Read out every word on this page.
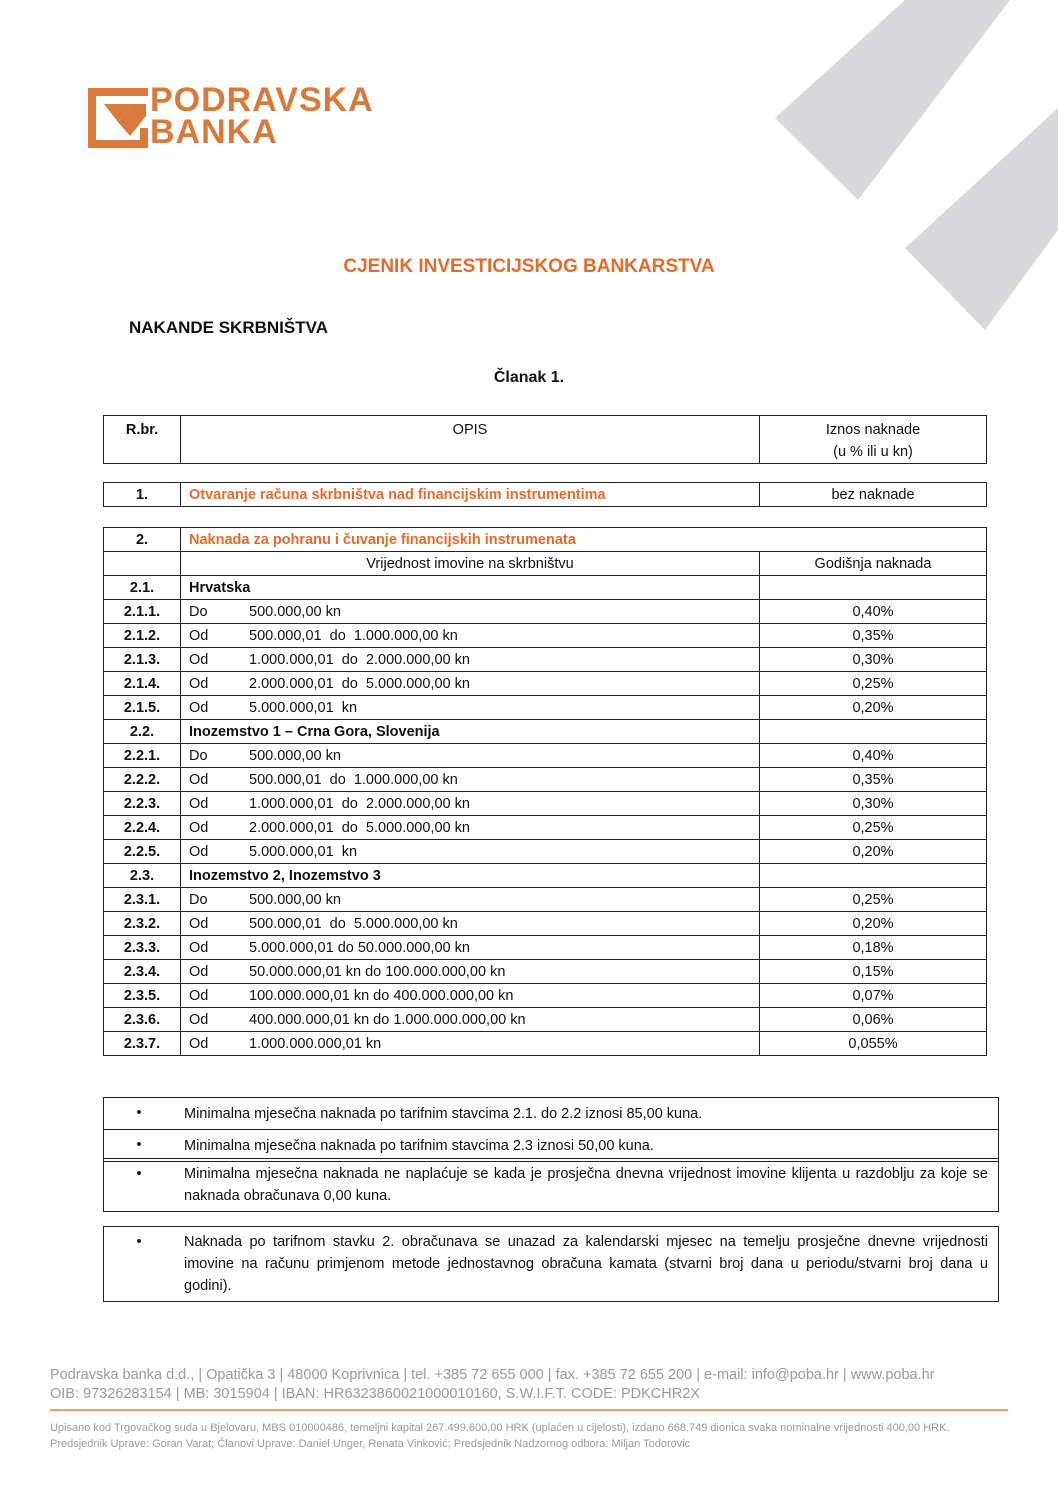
PODRAVSKA
BANKA
CJENIK INVESTICIJSKOG BANKARSTVA
NAKANDE SKRBNIŠTVA
Članak 1.
R.br.	OPIS	Iznos naknade
(u % ili u kn)
1.	Otvaranje računa skrbništva nad financijskim instrumentima	bez naknade
2.	Naknada za pohranu i čuvanje financijskih instrumenata	
	Vrijednost imovine na skrbništvu	Godišnja naknada
2.1.	Hrvatska	
2.1.1.	Do 500.000,00 kn	0,40%
2.1.2.	Od 500.000,01  do  1.000.000,00 kn	0,35%
2.1.3.	Od 1.000.000,01  do  2.000.000,00 kn	0,30%
2.1.4.	Od 2.000.000,01  do  5.000.000,00 kn	0,25%
2.1.5.	Od 5.000.000,01  kn	0,20%
2.2.	Inozemstvo 1 – Crna Gora, Slovenija	
2.2.1.	Do 500.000,00 kn	0,40%
2.2.2.	Od 500.000,01  do  1.000.000,00 kn	0,35%
2.2.3.	Od 1.000.000,01  do  2.000.000,00 kn	0,30%
2.2.4.	Od 2.000.000,01  do  5.000.000,00 kn	0,25%
2.2.5.	Od 5.000.000,01  kn	0,20%
2.3.	Inozemstvo 2, Inozemstvo 3	
2.3.1.	Do 500.000,00 kn	0,25%
2.3.2.	Od 500.000,01  do  5.000.000,00 kn	0,20%
2.3.3.	Od 5.000.000,01 do 50.000.000,00 kn	0,18%
2.3.4.	Od 50.000.000,01 kn do 100.000.000,00 kn	0,15%
2.3.5.	Od 100.000.000,01 kn do 400.000.000,00 kn	0,07%
2.3.6.	Od 400.000.000,01 kn do 1.000.000.000,00 kn	0,06%
2.3.7.	Od 1.000.000.000,01 kn	0,055%
•	Minimalna mjesečna naknada po tarifnim stavcima 2.1. do 2.2 iznosi 85,00 kuna.
•	Minimalna mjesečna naknada po tarifnim stavcima 2.3 iznosi 50,00 kuna.
•	Minimalna mjesečna naknada ne naplaćuje se kada je prosječna dnevna vrijednost imovine klijenta u razdoblju za koje se naknada obračunava 0,00 kuna.
•	Naknada po tarifnom stavku 2. obračunava se unazad za kalendarski mjesec na temelju prosječne dnevne vrijednosti imovine na računu primjenom metode jednostavnog obračuna kamata (stvarni broj dana u periodu/stvarni broj dana u godini).
Podravska banka d.d., | Opatička 3 | 48000 Koprivnica | tel. +385 72 655 000 | fax. +385 72 655 200 | e-mail: info@poba.hr | www.poba.hr
OIB: 97326283154 | MB: 3015904 | IBAN: HR6323860021000010160, S.W.I.F.T. CODE: PDKCHR2X
Upisano kod Trgovačkog suda u Bjelovaru, MBS 010000486, temeljni kapital 267.499.600,00 HRK (uplaćen u cijelosti), izdano 668.749 dionica svaka nominalne vrijednosti 400,00 HRK.
Predsjednik Uprave: Goran Varat; Članovi Uprave: Daniel Unger, Renata Vinković; Predsjednik Nadzornog odbora: Miljan Todorovic
